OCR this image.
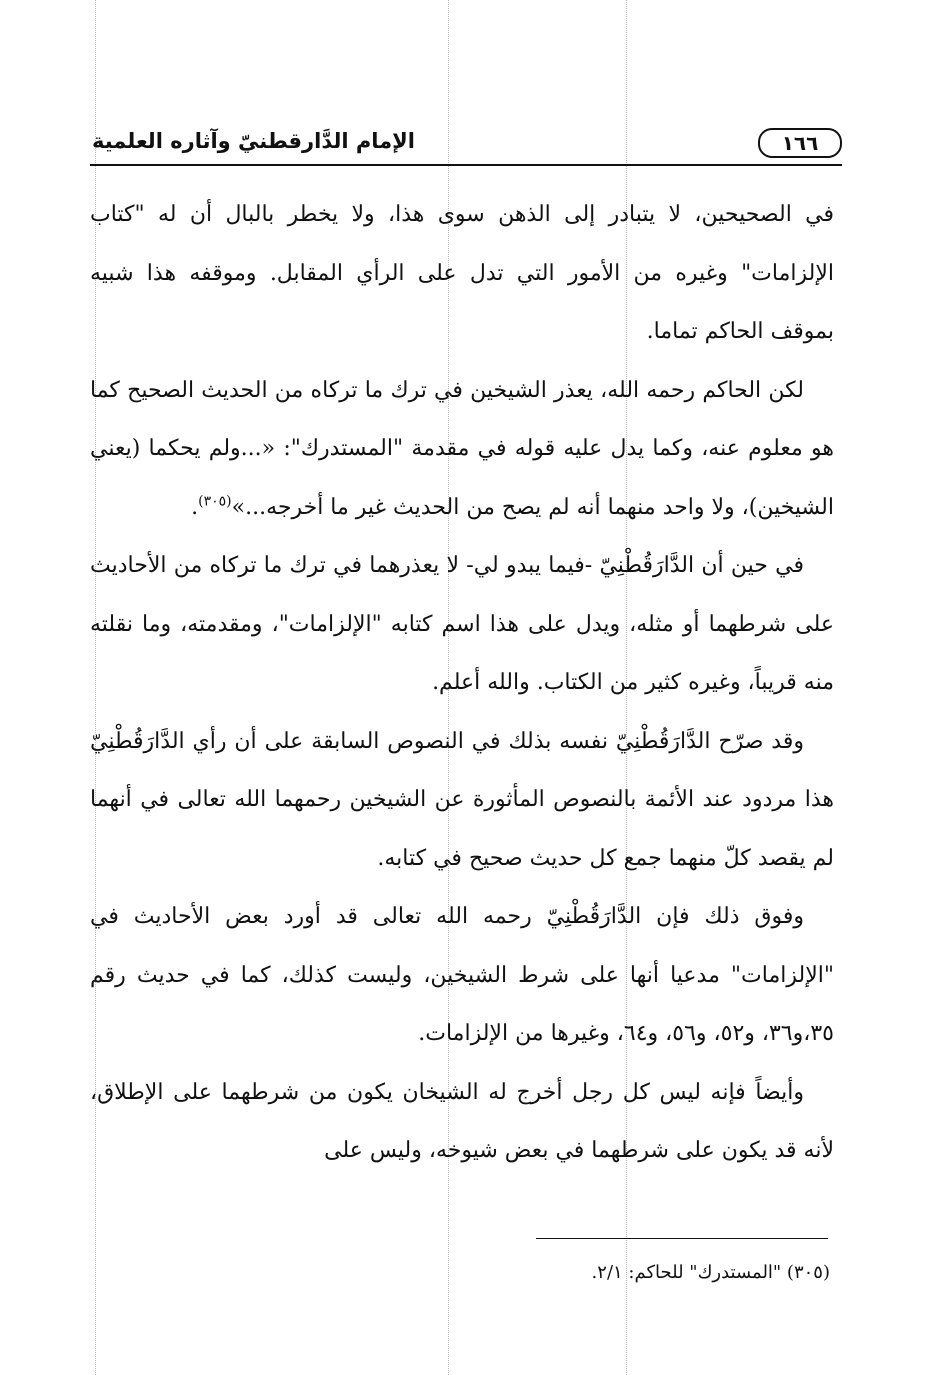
١٦٦
الإمام الدَّارقطنيّ وآثاره العلمية

في الصحيحين، لا يتبادر إلى الذهن سوى هذا، ولا يخطر بالبال أن له "كتاب الإلزامات" وغيره من الأمور التي تدل على الرأي المقابل. وموقفه هذا شبيه بموقف الحاكم تماما.

لكن الحاكم رحمه الله، يعذر الشيخين في ترك ما تركاه من الحديث الصحيح كما هو معلوم عنه، وكما يدل عليه قوله في مقدمة "المستدرك": «...ولم يحكما (يعني الشيخين)، ولا واحد منهما أنه لم يصح من الحديث غير ما أخرجه...»$^{(٣٠٥)}$.

في حين أن الدَّارَقُطْنِيّ -فيما يبدو لي- لا يعذرهما في ترك ما تركاه من الأحاديث على شرطهما أو مثله، ويدل على هذا اسم كتابه "الإلزامات"، ومقدمته، وما نقلته منه قريباً، وغيره كثير من الكتاب. والله أعلم.

وقد صرّح الدَّارَقُطْنِيّ نفسه بذلك في النصوص السابقة على أن رأي الدَّارَقُطْنِيّ هذا مردود عند الأئمة بالنصوص المأثورة عن الشيخين رحمهما الله تعالى في أنهما لم يقصد كلّ منهما جمع كل حديث صحيح في كتابه.

وفوق ذلك فإن الدَّارَقُطْنِيّ رحمه الله تعالى قد أورد بعض الأحاديث في "الإلزامات" مدعيا أنها على شرط الشيخين، وليست كذلك، كما في حديث رقم ٣٥،و٣٦، و٥٢، و٥٦، و٦٤، وغيرها من الإلزامات.

وأيضاً فإنه ليس كل رجل أخرج له الشيخان يكون من شرطهما على الإطلاق، لأنه قد يكون على شرطهما في بعض شيوخه، وليس على

(٣٠٥) "المستدرك" للحاكم: ٢/١.
